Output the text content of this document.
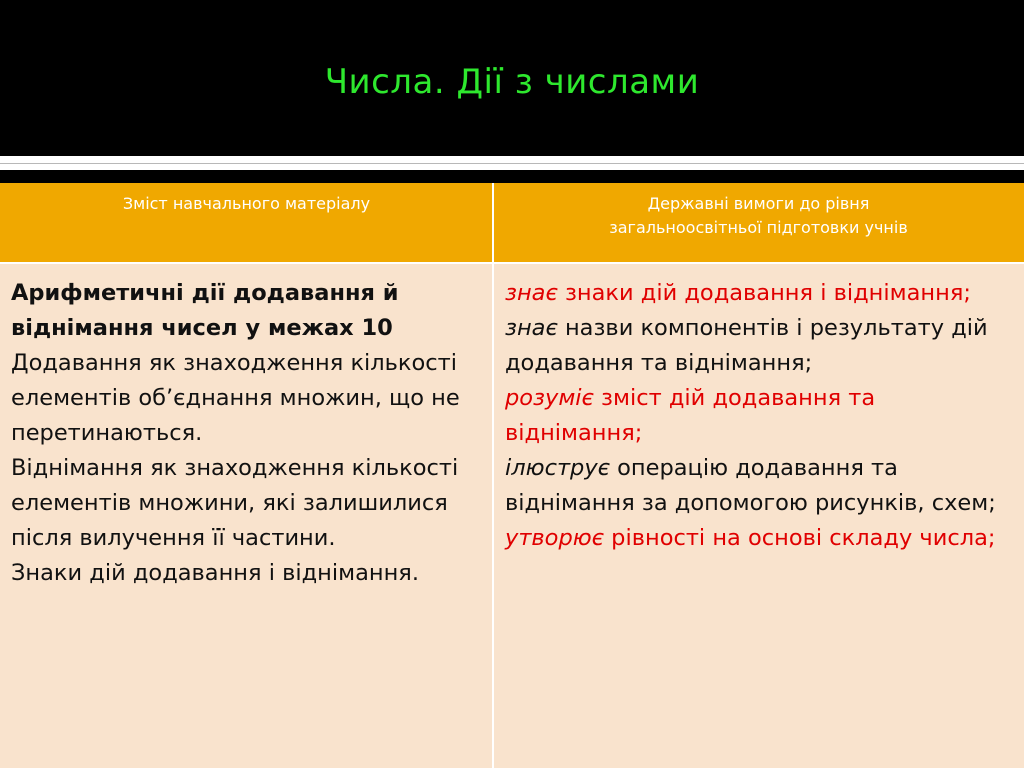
Числа. Дії з числами
Зміст навчального матеріалу	Державні вимоги до рівня
загальноосвітньої підготовки учнів
Арифметичні дії додавання й віднімання чисел у межах 10
Додавання як знаходження кількості елементів об’єднання множин, що не перетинаються.
Віднімання як знаходження кількості елементів множини, які залишилися після вилучення її частини.
Знаки дій додавання і віднімання.
знає знаки дій додавання і віднімання;
знає назви компонентів і результату дій додавання та віднімання;
розуміє зміст дій додавання та віднімання;
ілюструє операцію додавання та віднімання за допомогою рисунків, схем;
утворює рівності на основі складу числа;
